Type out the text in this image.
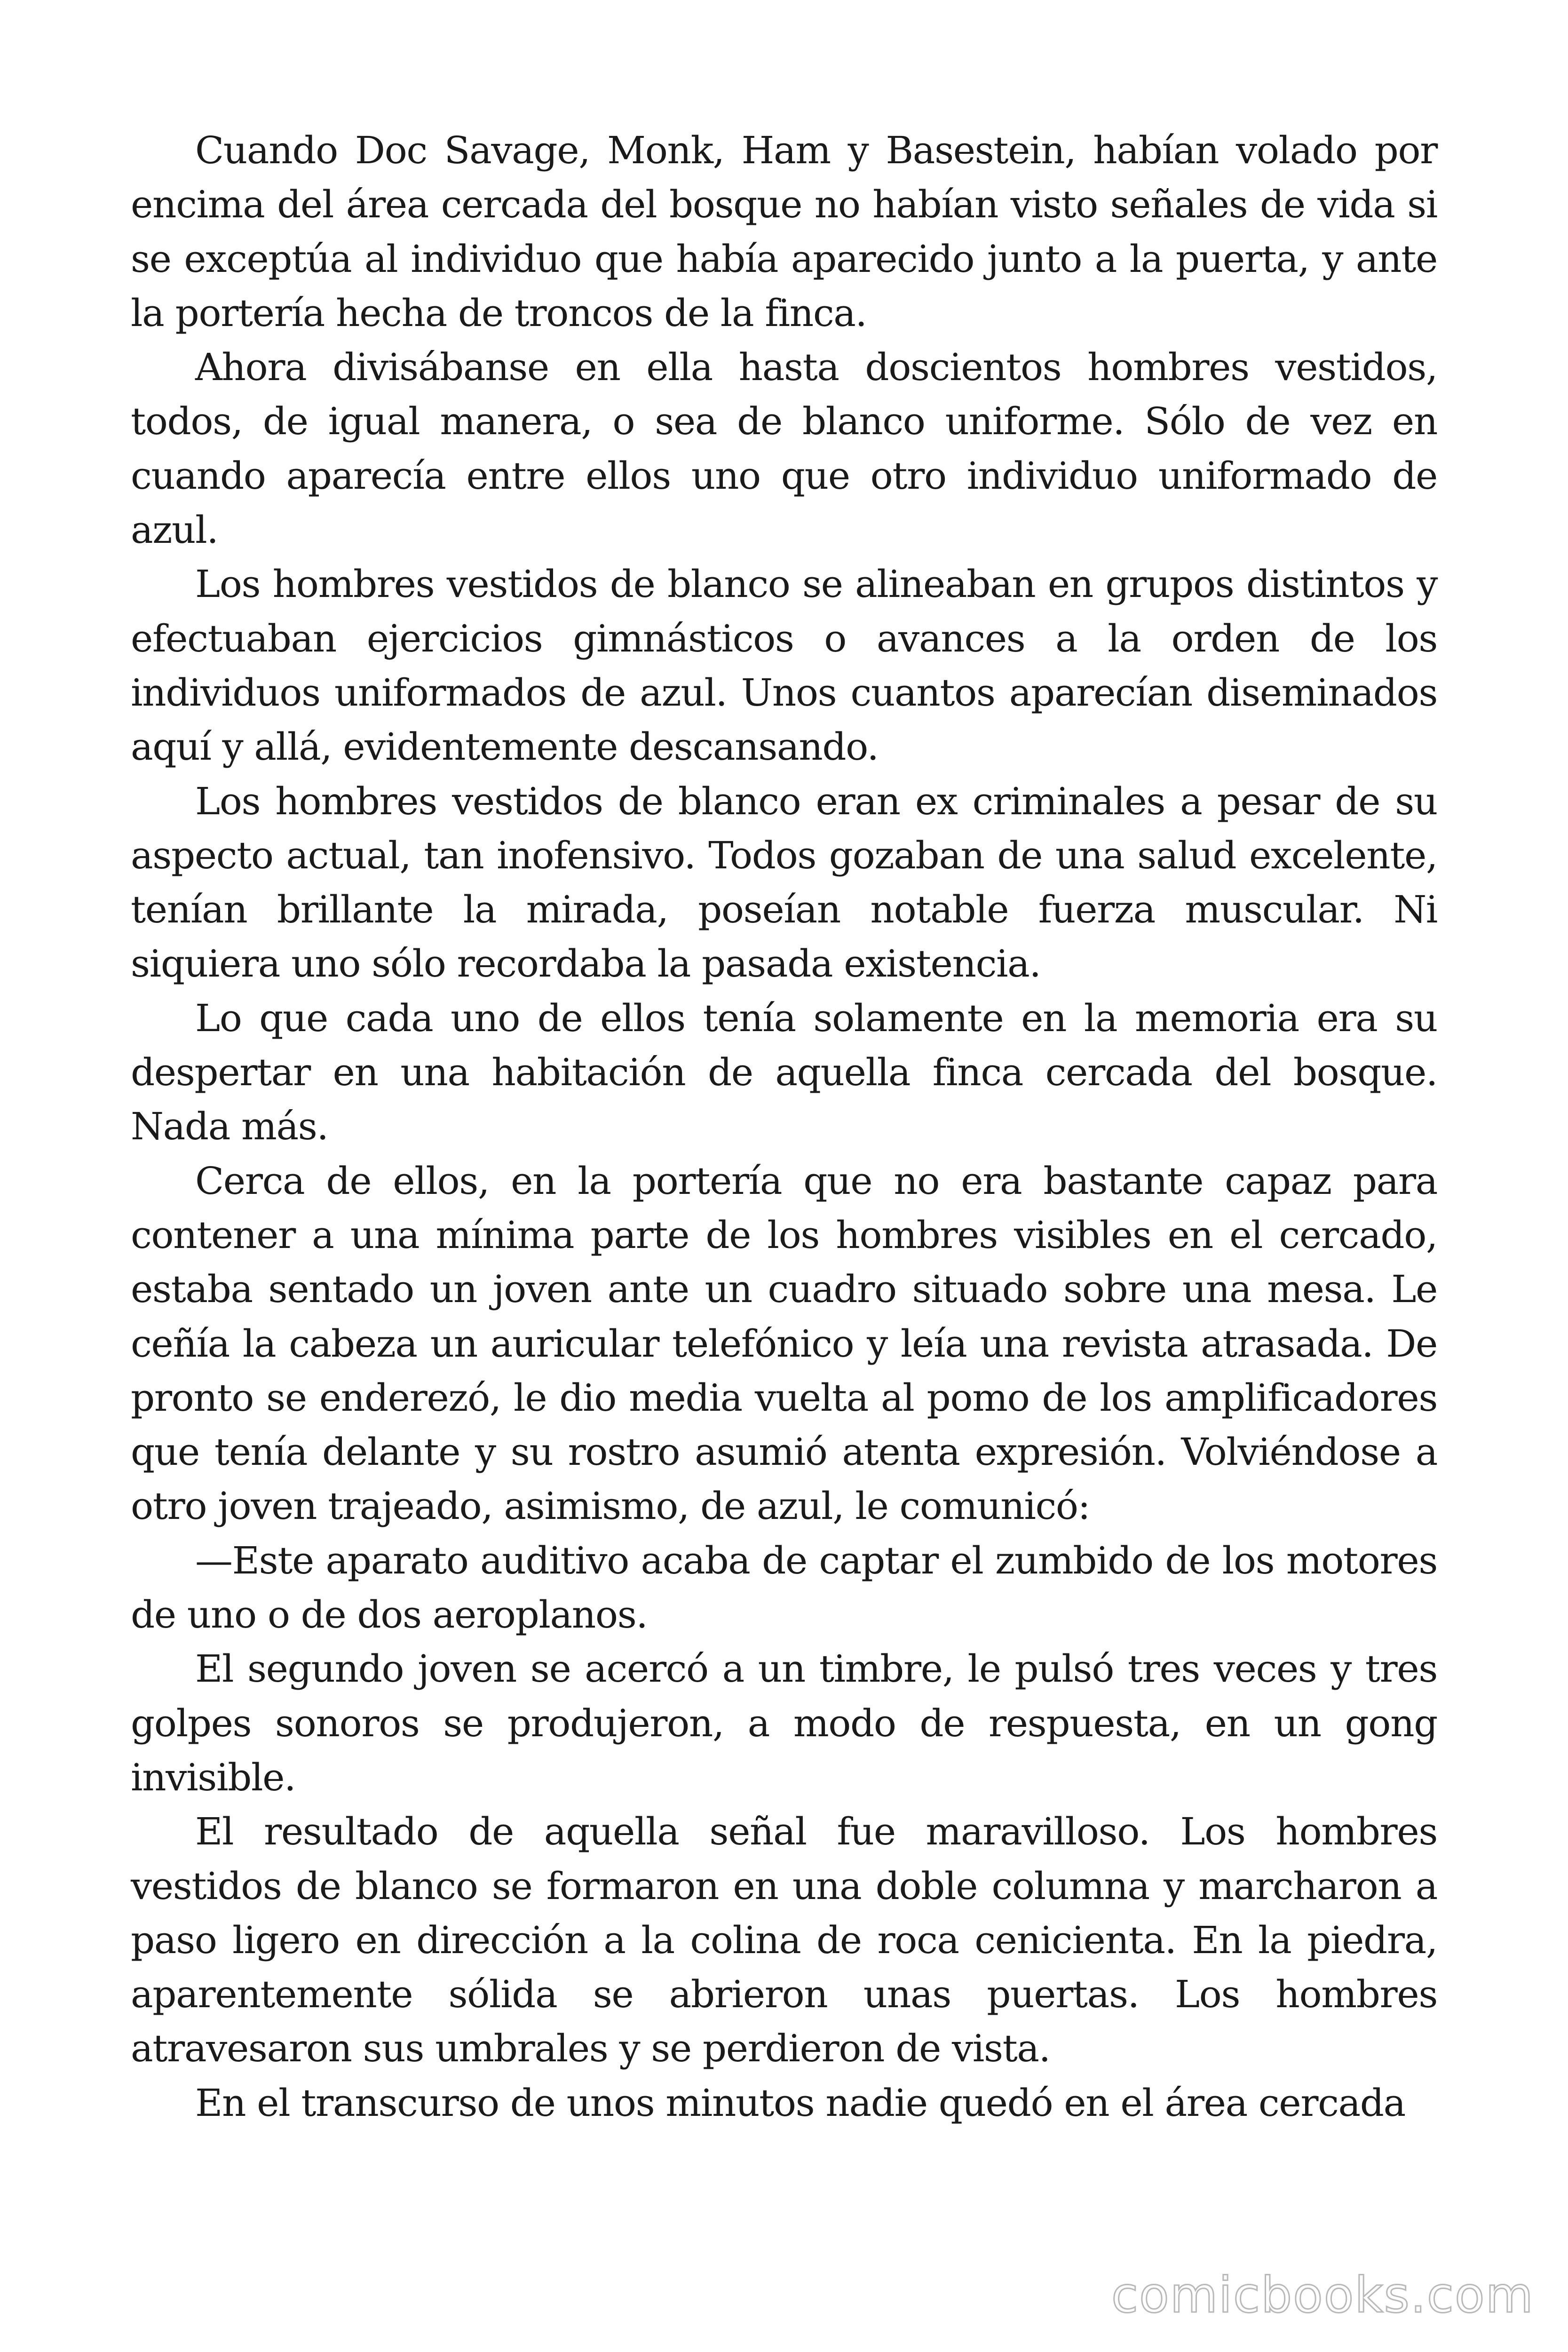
Cuando Doc Savage, Monk, Ham y Basestein, habían volado por encima del área cercada del bosque no habían visto señales de vida si se exceptúa al individuo que había aparecido junto a la puerta, y ante la portería hecha de troncos de la finca.

Ahora divisábanse en ella hasta doscientos hombres vestidos, todos, de igual manera, o sea de blanco uniforme. Sólo de vez en cuando aparecía entre ellos uno que otro individuo uniformado de azul.

Los hombres vestidos de blanco se alineaban en grupos distintos y efectuaban ejercicios gimnásticos o avances a la orden de los individuos uniformados de azul. Unos cuantos aparecían diseminados aquí y allá, evidentemente descansando.

Los hombres vestidos de blanco eran ex criminales a pesar de su aspecto actual, tan inofensivo. Todos gozaban de una salud excelente, tenían brillante la mirada, poseían notable fuerza muscular. Ni siquiera uno sólo recordaba la pasada existencia.

Lo que cada uno de ellos tenía solamente en la memoria era su despertar en una habitación de aquella finca cercada del bosque. Nada más.

Cerca de ellos, en la portería que no era bastante capaz para contener a una mínima parte de los hombres visibles en el cercado, estaba sentado un joven ante un cuadro situado sobre una mesa. Le ceñía la cabeza un auricular telefónico y leía una revista atrasada. De pronto se enderezó, le dio media vuelta al pomo de los amplificadores que tenía delante y su rostro asumió atenta expresión. Volviéndose a otro joven trajeado, asimismo, de azul, le comunicó:

—Este aparato auditivo acaba de captar el zumbido de los motores de uno o de dos aeroplanos.

El segundo joven se acercó a un timbre, le pulsó tres veces y tres golpes sonoros se produjeron, a modo de respuesta, en un gong invisible.

El resultado de aquella señal fue maravilloso. Los hombres vestidos de blanco se formaron en una doble columna y marcharon a paso ligero en dirección a la colina de roca cenicienta. En la piedra, aparentemente sólida se abrieron unas puertas. Los hombres atravesaron sus umbrales y se perdieron de vista.

En el transcurso de unos minutos nadie quedó en el área cercada

comicbooks.com
